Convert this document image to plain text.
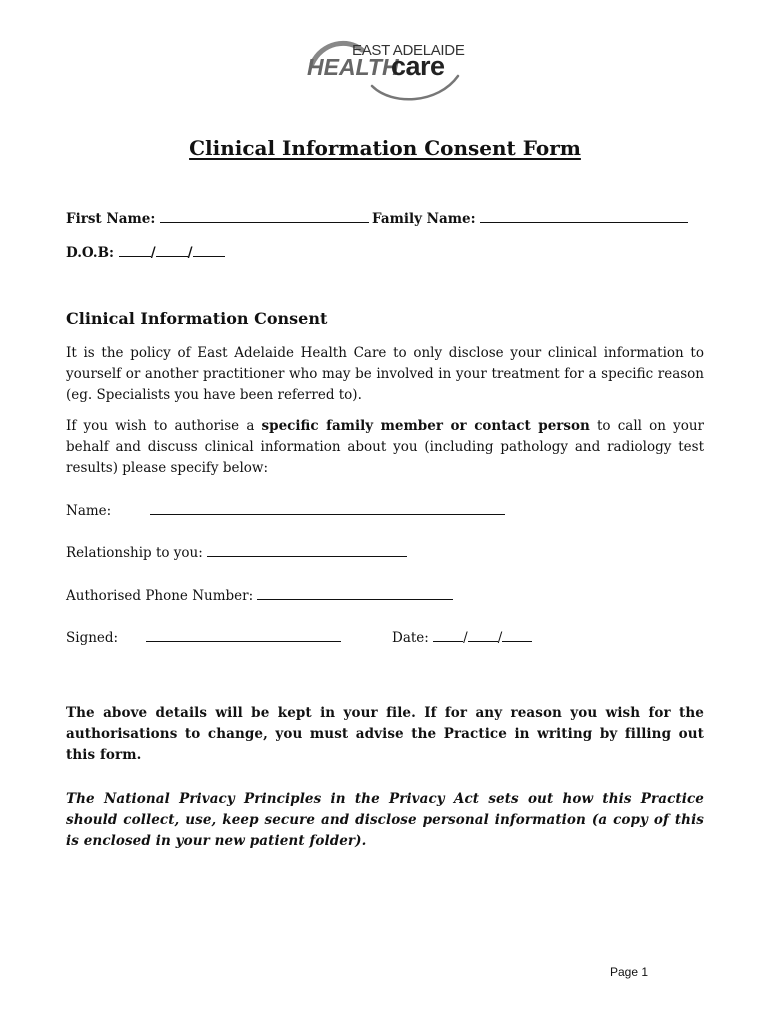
EAST ADELAIDE
HEALTH
care
Clinical Information Consent Form
First Name:	Family Name:
D.O.B:	/ /
Clinical Information Consent
It is the policy of East Adelaide Health Care to only disclose your clinical information to yourself or another practitioner who may be involved in your treatment for a specific reason (eg. Specialists you have been referred to).
If you wish to authorise a specific family member or contact person to call on your behalf and discuss clinical information about you (including pathology and radiology test results) please specify below:
Name:
Relationship to you:
Authorised Phone Number:
Signed:	Date:	/ /
The above details will be kept in your file. If for any reason you wish for the authorisations to change, you must advise the Practice in writing by filling out this form.
The National Privacy Principles in the Privacy Act sets out how this Practice should collect, use, keep secure and disclose personal information (a copy of this is enclosed in your new patient folder).
Page 1
